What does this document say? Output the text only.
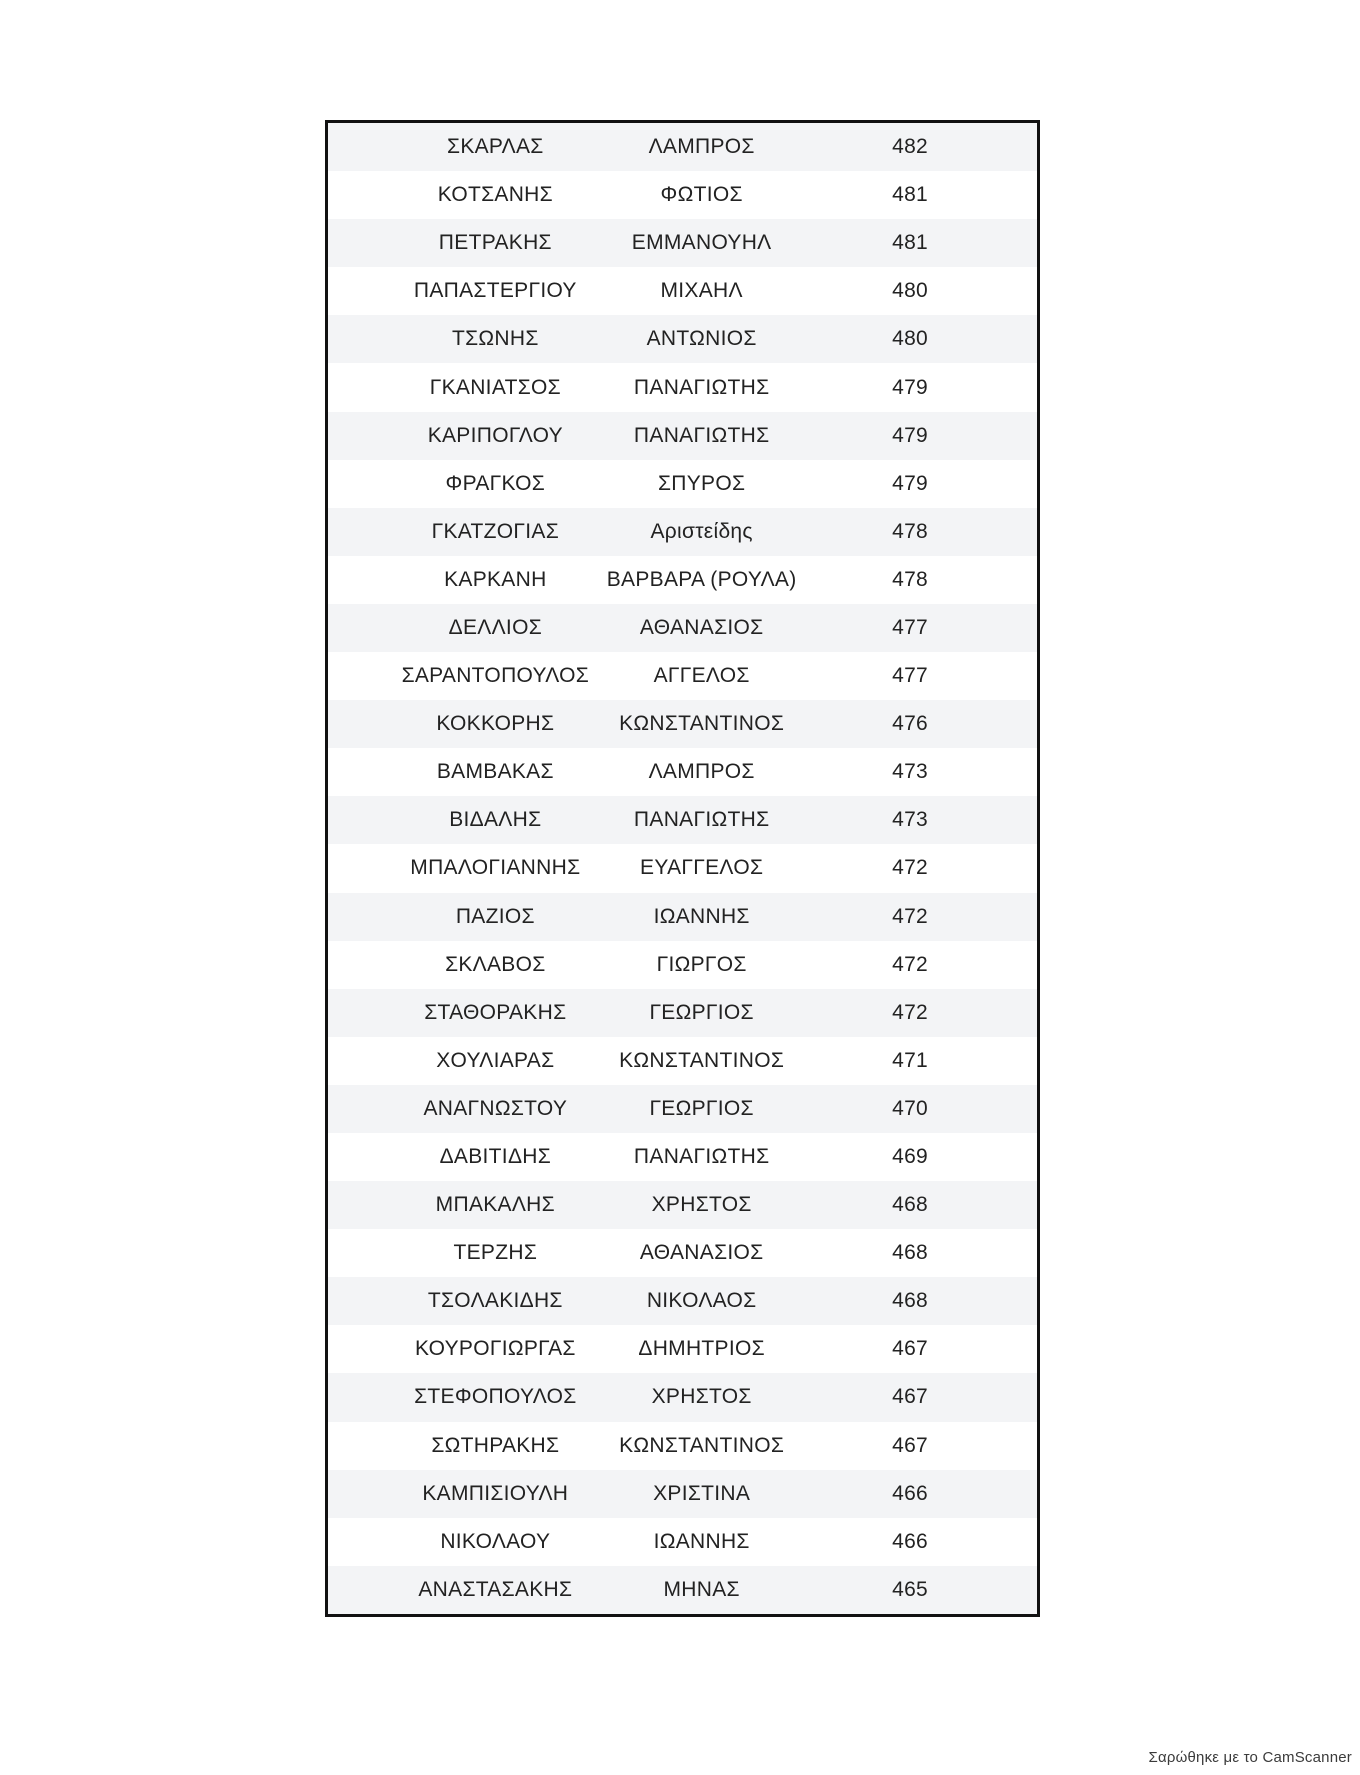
ΣΚΑΡΛΑΣ	ΛΑΜΠΡΟΣ	482
ΚΟΤΣΑΝΗΣ	ΦΩΤΙΟΣ	481
ΠΕΤΡΑΚΗΣ	ΕΜΜΑΝΟΥΗΛ	481
ΠΑΠΑΣΤΕΡΓΙΟΥ	ΜΙΧΑΗΛ	480
ΤΣΩΝΗΣ	ΑΝΤΩΝΙΟΣ	480
ΓΚΑΝΙΑΤΣΟΣ	ΠΑΝΑΓΙΩΤΗΣ	479
ΚΑΡΙΠΟΓΛΟΥ	ΠΑΝΑΓΙΩΤΗΣ	479
ΦΡΑΓΚΟΣ	ΣΠΥΡΟΣ	479
ΓΚΑΤΖΟΓΙΑΣ	Αριστείδης	478
ΚΑΡΚΑΝΗ	ΒΑΡΒΑΡΑ (ΡΟΥΛΑ)	478
ΔΕΛΛΙΟΣ	ΑΘΑΝΑΣΙΟΣ	477
ΣΑΡΑΝΤΟΠΟΥΛΟΣ	ΑΓΓΕΛΟΣ	477
ΚΟΚΚΟΡΗΣ	ΚΩΝΣΤΑΝΤΙΝΟΣ	476
ΒΑΜΒΑΚΑΣ	ΛΑΜΠΡΟΣ	473
ΒΙΔΑΛΗΣ	ΠΑΝΑΓΙΩΤΗΣ	473
ΜΠΑΛΟΓΙΑΝΝΗΣ	ΕΥΑΓΓΕΛΟΣ	472
ΠΑΖΙΟΣ	ΙΩΑΝΝΗΣ	472
ΣΚΛΑΒΟΣ	ΓΙΩΡΓΟΣ	472
ΣΤΑΘΟΡΑΚΗΣ	ΓΕΩΡΓΙΟΣ	472
ΧΟΥΛΙΑΡΑΣ	ΚΩΝΣΤΑΝΤΙΝΟΣ	471
ΑΝΑΓΝΩΣΤΟΥ	ΓΕΩΡΓΙΟΣ	470
ΔΑΒΙΤΙΔΗΣ	ΠΑΝΑΓΙΩΤΗΣ	469
ΜΠΑΚΑΛΗΣ	ΧΡΗΣΤΟΣ	468
ΤΕΡΖΗΣ	ΑΘΑΝΑΣΙΟΣ	468
ΤΣΟΛΑΚΙΔΗΣ	ΝΙΚΟΛΑΟΣ	468
ΚΟΥΡΟΓΙΩΡΓΑΣ	ΔΗΜΗΤΡΙΟΣ	467
ΣΤΕΦΟΠΟΥΛΟΣ	ΧΡΗΣΤΟΣ	467
ΣΩΤΗΡΑΚΗΣ	ΚΩΝΣΤΑΝΤΙΝΟΣ	467
ΚΑΜΠΙΣΙΟΥΛΗ	ΧΡΙΣΤΙΝΑ	466
ΝΙΚΟΛΑΟΥ	ΙΩΑΝΝΗΣ	466
ΑΝΑΣΤΑΣΑΚΗΣ	ΜΗΝΑΣ	465
Σαρώθηκε με το CamScanner
